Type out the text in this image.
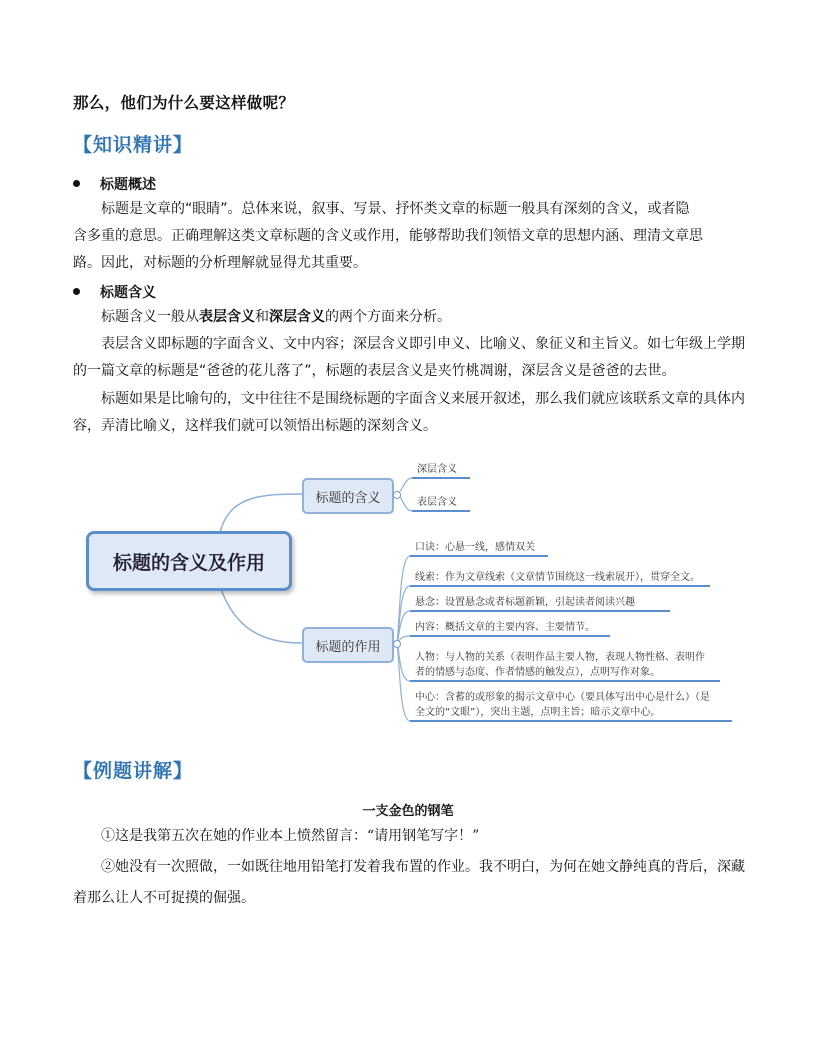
那么，他们为什么要这样做呢？
【知识精讲】
标题概述
标题是文章的“眼睛”。总体来说，叙事、写景、抒怀类文章的标题一般具有深刻的含义，或者隐
含多重的意思。正确理解这类文章标题的含义或作用，能够帮助我们领悟文章的思想内涵、理清文章思
路。因此，对标题的分析理解就显得尤其重要。
标题含义
标题含义一般从表层含义和深层含义的两个方面来分析。
表层含义即标题的字面含义、文中内容；深层含义即引申义、比喻义、象征义和主旨义。如七年级上学期
的一篇文章的标题是“爸爸的花儿落了”，标题的表层含义是夹竹桃凋谢，深层含义是爸爸的去世。
标题如果是比喻句的，文中往往不是围绕标题的字面含义来展开叙述，那么我们就应该联系文章的具体内
容，弄清比喻义，这样我们就可以领悟出标题的深刻含义。
标题的含义及作用
标题的含义
深层含义
表层含义
标题的作用
口诀：心悬一线，感情双关
线索：作为文章线索（文章情节围绕这一线索展开），贯穿全文。
悬念：设置悬念或者标题新颖，引起读者阅读兴趣
内容：概括文章的主要内容、主要情节。
人物：与人物的关系（表明作品主要人物，表现人物性格、表明作
者的情感与态度、作者情感的触发点），点明写作对象。
中心：含蓄的或形象的揭示文章中心（要具体写出中心是什么）（是
全文的“文眼”），突出主题，点明主旨；暗示文章中心。
【例题讲解】
一支金色的钢笔
①这是我第五次在她的作业本上愤然留言：“请用钢笔写字！”
②她没有一次照做，一如既往地用铅笔打发着我布置的作业。我不明白，为何在她文静纯真的背后，深藏
着那么让人不可捉摸的倔强。
